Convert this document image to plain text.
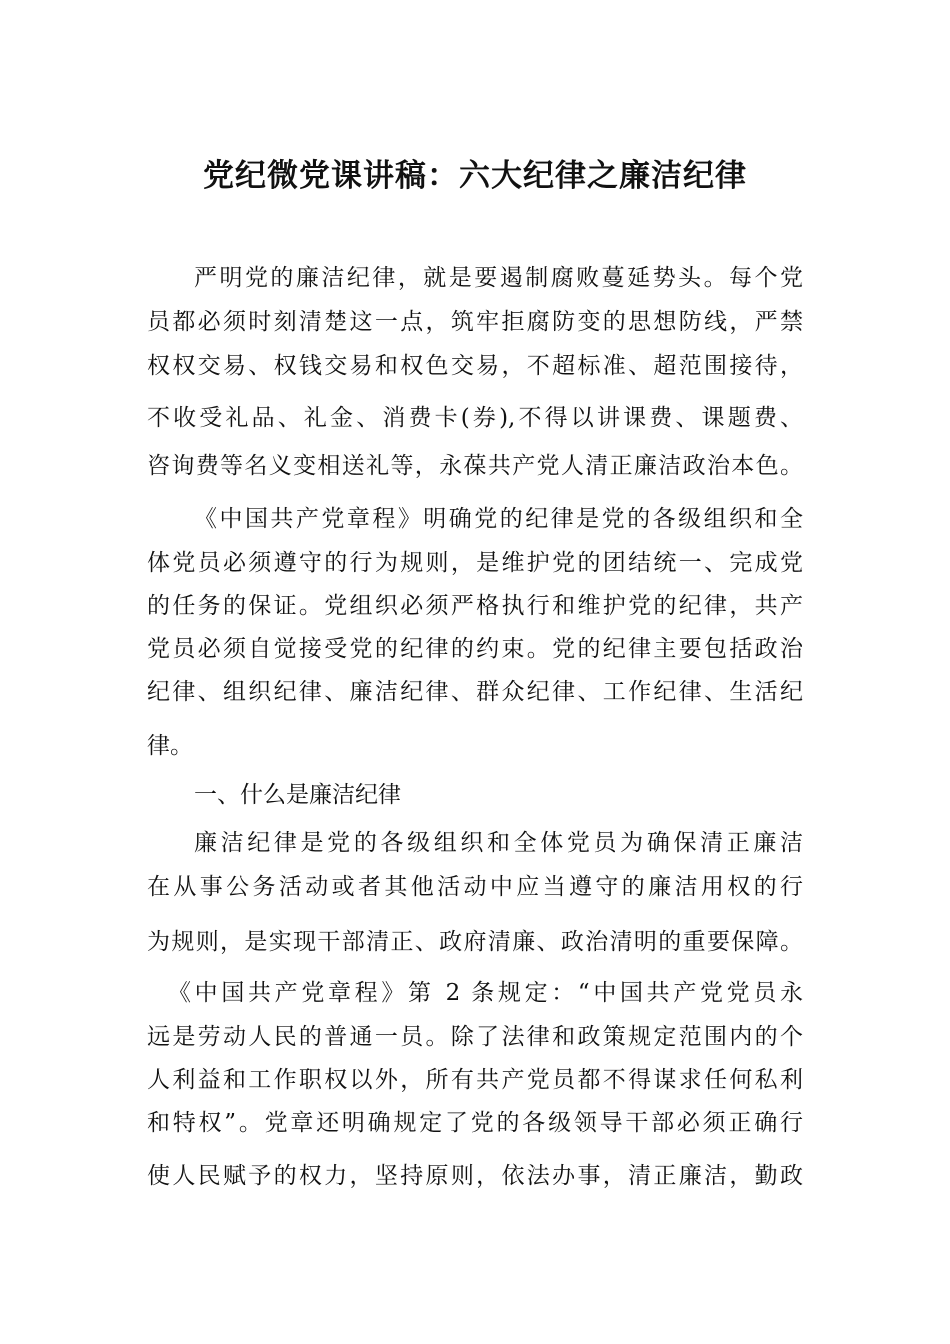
党纪微党课讲稿：六大纪律之廉洁纪律

严明党的廉洁纪律，就是要遏制腐败蔓延势头。每个党

员都必须时刻清楚这一点，筑牢拒腐防变的思想防线，严禁

权权交易、权钱交易和权色交易，不超标准、超范围接待，

不收受礼品、礼金、消费卡(券),不得以讲课费、课题费、

咨询费等名义变相送礼等，永葆共产党人清正廉洁政治本色。

《中国共产党章程》明确党的纪律是党的各级组织和全

体党员必须遵守的行为规则，是维护党的团结统一、完成党

的任务的保证。党组织必须严格执行和维护党的纪律，共产

党员必须自觉接受党的纪律的约束。党的纪律主要包括政治

纪律、组织纪律、廉洁纪律、群众纪律、工作纪律、生活纪

律。

一、什么是廉洁纪律

廉洁纪律是党的各级组织和全体党员为确保清正廉洁

在从事公务活动或者其他活动中应当遵守的廉洁用权的行

为规则，是实现干部清正、政府清廉、政治清明的重要保障。

《中国共产党章程》第 2 条规定：“中国共产党党员永

远是劳动人民的普通一员。除了法律和政策规定范围内的个

人利益和工作职权以外，所有共产党员都不得谋求任何私利

和特权”。党章还明确规定了党的各级领导干部必须正确行

使人民赋予的权力，坚持原则，依法办事，清正廉洁，勤政
